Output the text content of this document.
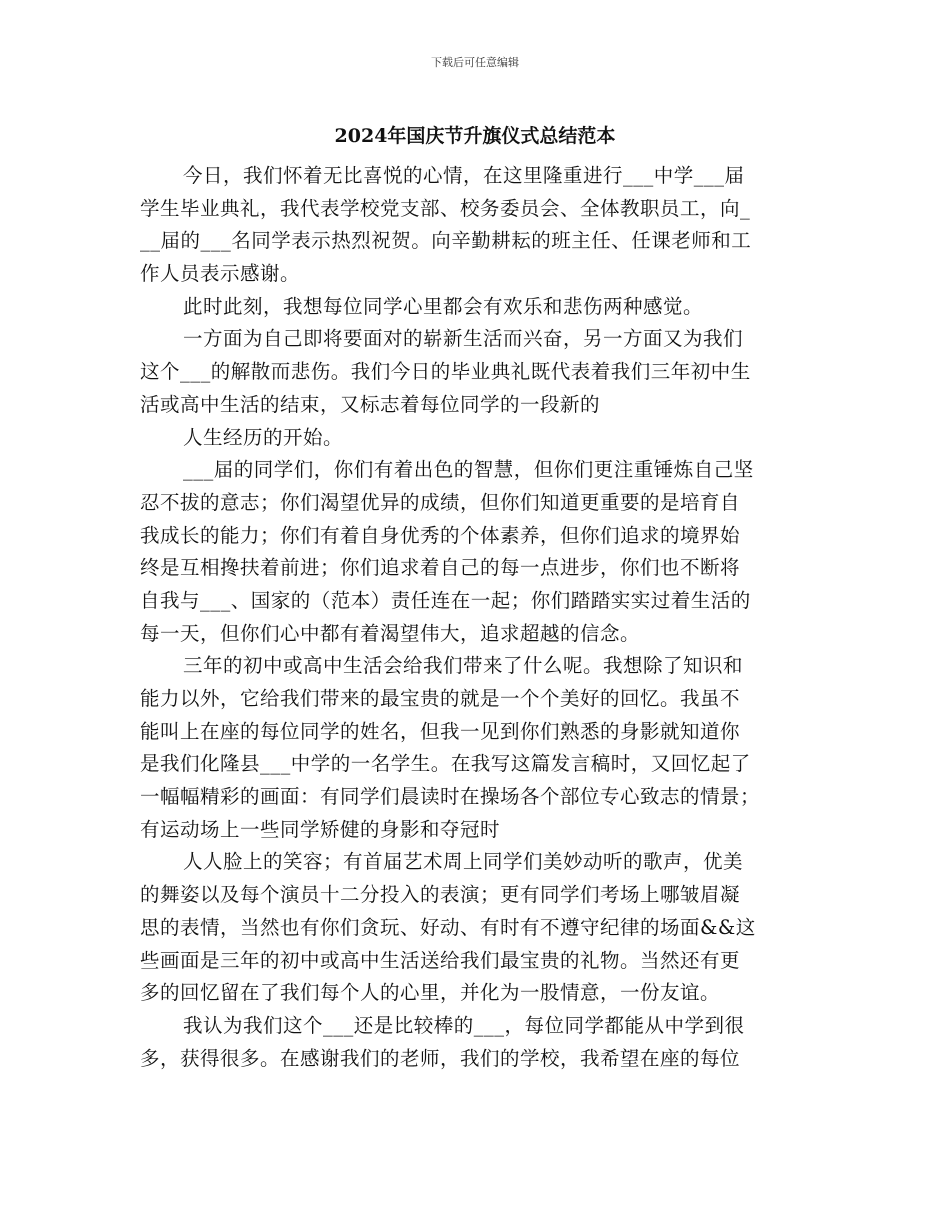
下载后可任意编辑
2024年国庆节升旗仪式总结范本
今日，我们怀着无比喜悦的心情，在这里隆重进行___中学___届
学生毕业典礼，我代表学校党支部、校务委员会、全体教职员工，向_
__届的___名同学表示热烈祝贺。向辛勤耕耘的班主任、任课老师和工
作人员表示感谢。
此时此刻，我想每位同学心里都会有欢乐和悲伤两种感觉。
一方面为自己即将要面对的崭新生活而兴奋，另一方面又为我们
这个___的解散而悲伤。我们今日的毕业典礼既代表着我们三年初中生
活或高中生活的结束，又标志着每位同学的一段新的
人生经历的开始。
___届的同学们，你们有着出色的智慧，但你们更注重锤炼自己坚
忍不拔的意志；你们渴望优异的成绩，但你们知道更重要的是培育自
我成长的能力；你们有着自身优秀的个体素养，但你们追求的境界始
终是互相搀扶着前进；你们追求着自己的每一点进步，你们也不断将
自我与___、国家的（范本）责任连在一起；你们踏踏实实过着生活的
每一天，但你们心中都有着渴望伟大，追求超越的信念。
三年的初中或高中生活会给我们带来了什么呢。我想除了知识和
能力以外，它给我们带来的最宝贵的就是一个个美好的回忆。我虽不
能叫上在座的每位同学的姓名，但我一见到你们熟悉的身影就知道你
是我们化隆县___中学的一名学生。在我写这篇发言稿时，又回忆起了
一幅幅精彩的画面：有同学们晨读时在操场各个部位专心致志的情景；
有运动场上一些同学矫健的身影和夺冠时
人人脸上的笑容；有首届艺术周上同学们美妙动听的歌声，优美
的舞姿以及每个演员十二分投入的表演；更有同学们考场上哪皱眉凝
思的表情，当然也有你们贪玩、好动、有时有不遵守纪律的场面&&这
些画面是三年的初中或高中生活送给我们最宝贵的礼物。当然还有更
多的回忆留在了我们每个人的心里，并化为一股情意，一份友谊。
我认为我们这个___还是比较棒的___，每位同学都能从中学到很
多，获得很多。在感谢我们的老师，我们的学校，我希望在座的每位
